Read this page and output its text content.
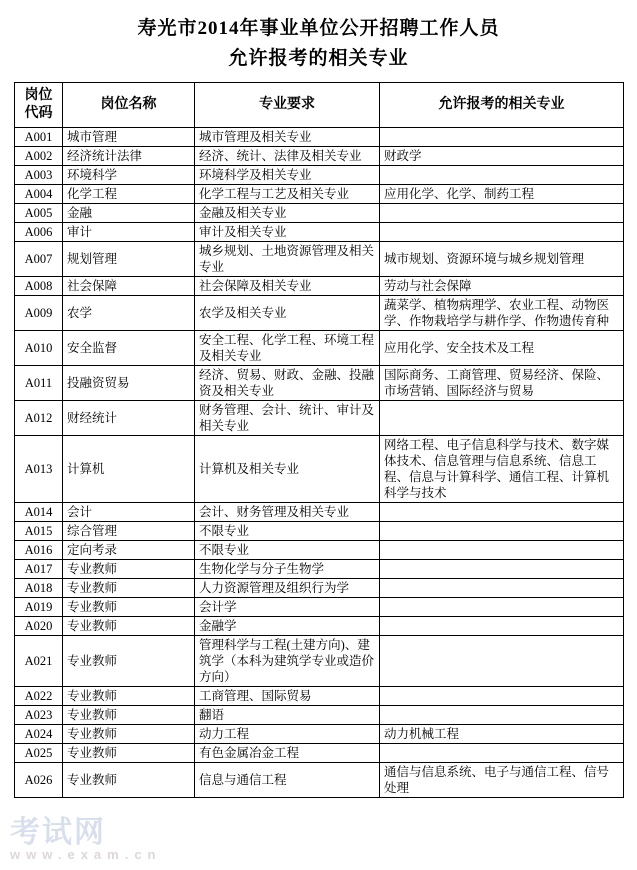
寿光市2014年事业单位公开招聘工作人员
允许报考的相关专业
岗位
代码	岗位名称	专业要求	允许报考的相关专业
A001	城市管理	城市管理及相关专业	
A002	经济统计法律	经济、统计、法律及相关专业	财政学
A003	环境科学	环境科学及相关专业	
A004	化学工程	化学工程与工艺及相关专业	应用化学、化学、制药工程
A005	金融	金融及相关专业	
A006	审计	审计及相关专业	
A007	规划管理	城乡规划、土地资源管理及相关专业	城市规划、资源环境与城乡规划管理
A008	社会保障	社会保障及相关专业	劳动与社会保障
A009	农学	农学及相关专业	蔬菜学、植物病理学、农业工程、动物医学、作物栽培学与耕作学、作物遗传育种
A010	安全监督	安全工程、化学工程、环境工程及相关专业	应用化学、安全技术及工程
A011	投融资贸易	经济、贸易、财政、金融、投融资及相关专业	国际商务、工商管理、贸易经济、保险、市场营销、国际经济与贸易
A012	财经统计	财务管理、会计、统计、审计及相关专业	
A013	计算机	计算机及相关专业	网络工程、电子信息科学与技术、数字媒体技术、信息管理与信息系统、信息工程、信息与计算科学、通信工程、计算机科学与技术
A014	会计	会计、财务管理及相关专业	
A015	综合管理	不限专业	
A016	定向考录	不限专业	
A017	专业教师	生物化学与分子生物学	
A018	专业教师	人力资源管理及组织行为学	
A019	专业教师	会计学	
A020	专业教师	金融学	
A021	专业教师	管理科学与工程(土建方向)、建筑学（本科为建筑学专业或造价方向）	
A022	专业教师	工商管理、国际贸易	
A023	专业教师	翻语	
A024	专业教师	动力工程	动力机械工程
A025	专业教师	有色金属冶金工程	
A026	专业教师	信息与通信工程	通信与信息系统、电子与通信工程、信号处理
考试网
www.exam.cn
